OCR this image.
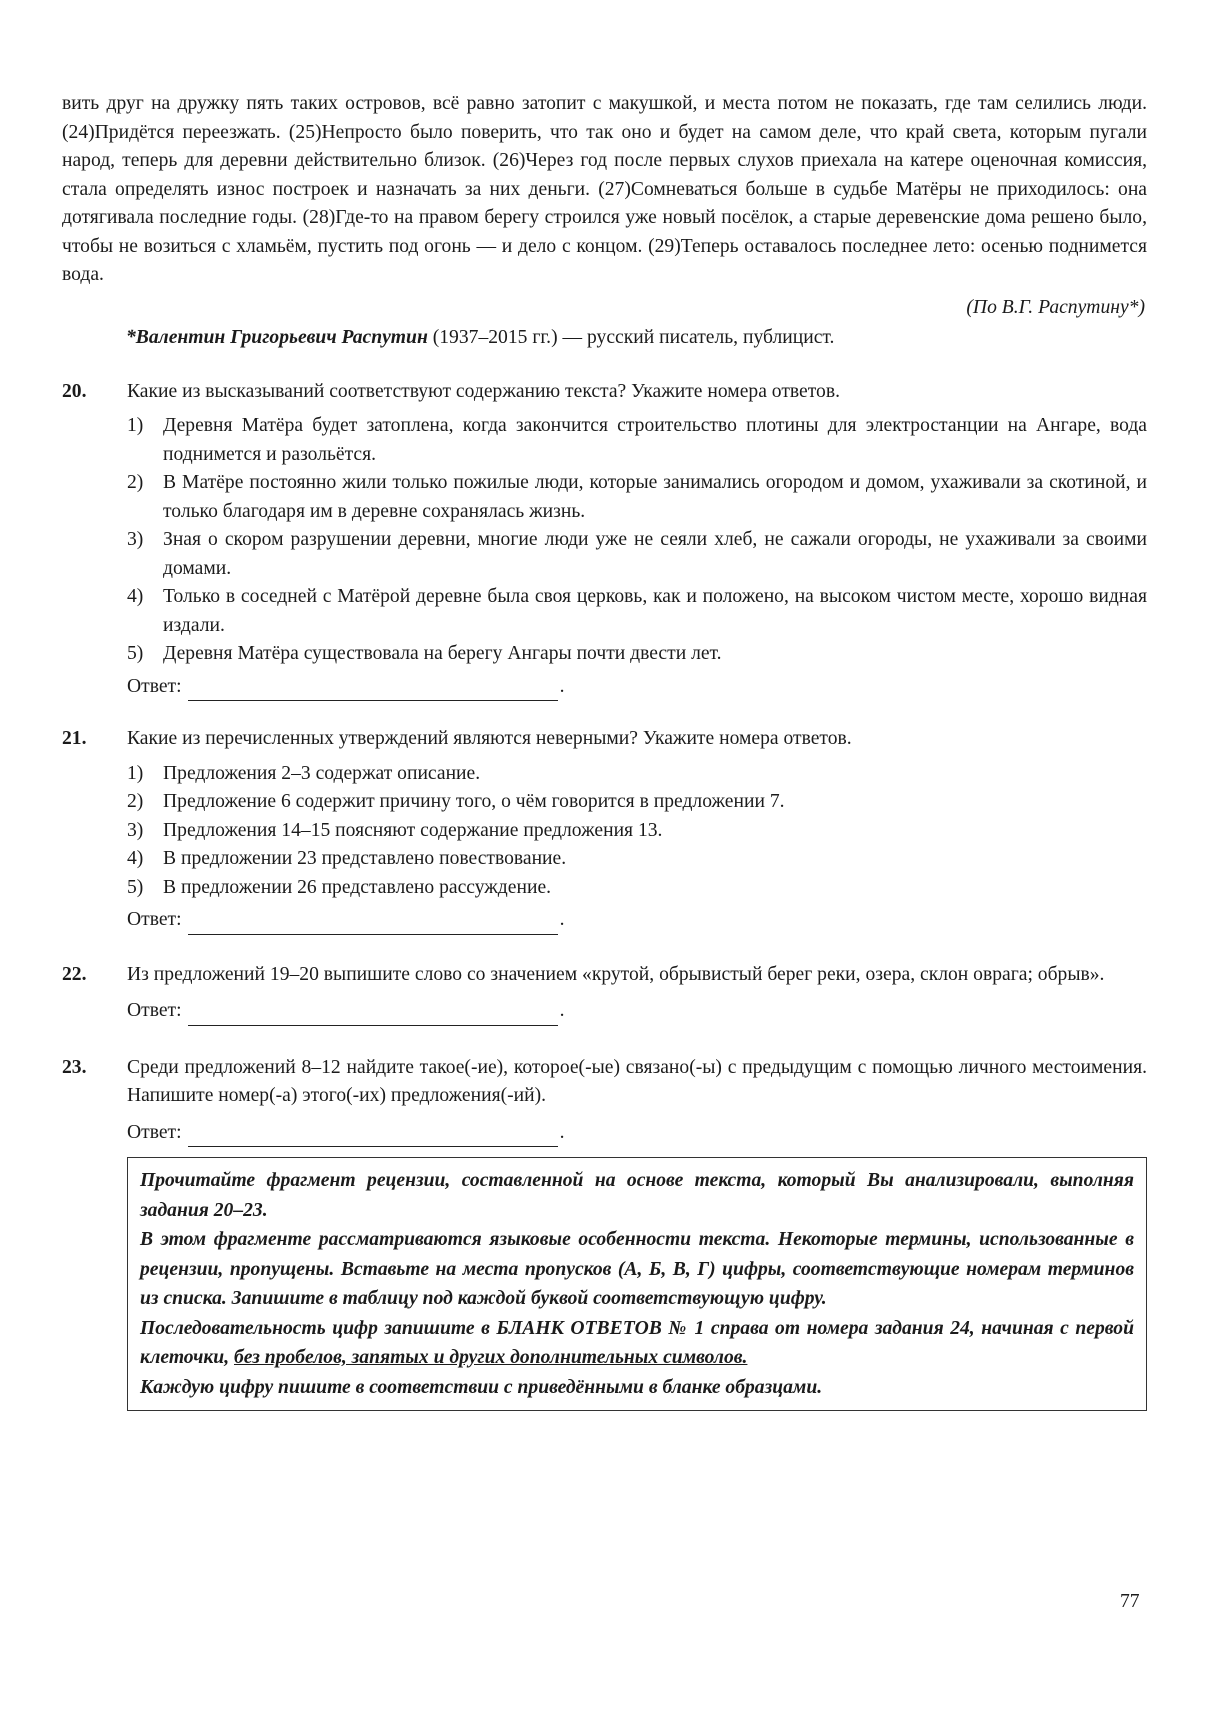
вить друг на дружку пять таких островов, всё равно затопит с макушкой, и места потом не показать, где там селились люди. (24)Придётся переезжать. (25)Непросто было поверить, что так оно и будет на самом деле, что край света, которым пугали народ, теперь для деревни действительно близок. (26)Через год после первых слухов приехала на катере оценочная комиссия, стала определять износ построек и назначать за них деньги. (27)Сомневаться больше в судьбе Матёры не приходилось: она дотягивала последние годы. (28)Где-то на правом берегу строился уже новый посёлок, а старые деревенские дома решено было, чтобы не возиться с хламьём, пустить под огонь — и дело с концом. (29)Теперь оставалось последнее лето: осенью поднимется вода.

(По В.Г. Распутину*)
*Валентин Григорьевич Распутин (1937–2015 гг.) — русский писатель, публицист.
20. Какие из высказываний соответствуют содержанию текста? Укажите номера ответов.
1) Деревня Матёра будет затоплена, когда закончится строительство плотины для электростанции на Ангаре, вода поднимется и разольётся.
2) В Матёре постоянно жили только пожилые люди, которые занимались огородом и домом, ухаживали за скотиной, и только благодаря им в деревне сохранялась жизнь.
3) Зная о скором разрушении деревни, многие люди уже не сеяли хлеб, не сажали огороды, не ухаживали за своими домами.
4) Только в соседней с Матёрой деревне была своя церковь, как и положено, на высоком чистом месте, хорошо видная издали.
5) Деревня Матёра существовала на берегу Ангары почти двести лет.
Ответ:	.
21. Какие из перечисленных утверждений являются неверными? Укажите номера ответов.
1) Предложения 2–3 содержат описание.
2) Предложение 6 содержит причину того, о чём говорится в предложении 7.
3) Предложения 14–15 поясняют содержание предложения 13.
4) В предложении 23 представлено повествование.
5) В предложении 26 представлено рассуждение.
Ответ:	.
22. Из предложений 19–20 выпишите слово со значением «крутой, обрывистый берег реки, озера, склон оврага; обрыв».
Ответ:	.
23. Среди предложений 8–12 найдите такое(-ие), которое(-ые) связано(-ы) с предыдущим с помощью личного местоимения. Напишите номер(-а) этого(-их) предложения(-ий).
Ответ:	.

Прочитайте фрагмент рецензии, составленной на основе текста, который Вы анализировали, выполняя задания 20–23.

В этом фрагменте рассматриваются языковые особенности текста. Некоторые термины, использованные в рецензии, пропущены. Вставьте на места пропусков (А, Б, В, Г) цифры, соответствующие номерам терминов из списка. Запишите в таблицу под каждой буквой соответствующую цифру.

Последовательность цифр запишите в БЛАНК ОТВЕТОВ № 1 справа от номера задания 24, начиная с первой клеточки, без пробелов, запятых и других дополнительных символов.

Каждую цифру пишите в соответствии с приведёнными в бланке образцами.

77
